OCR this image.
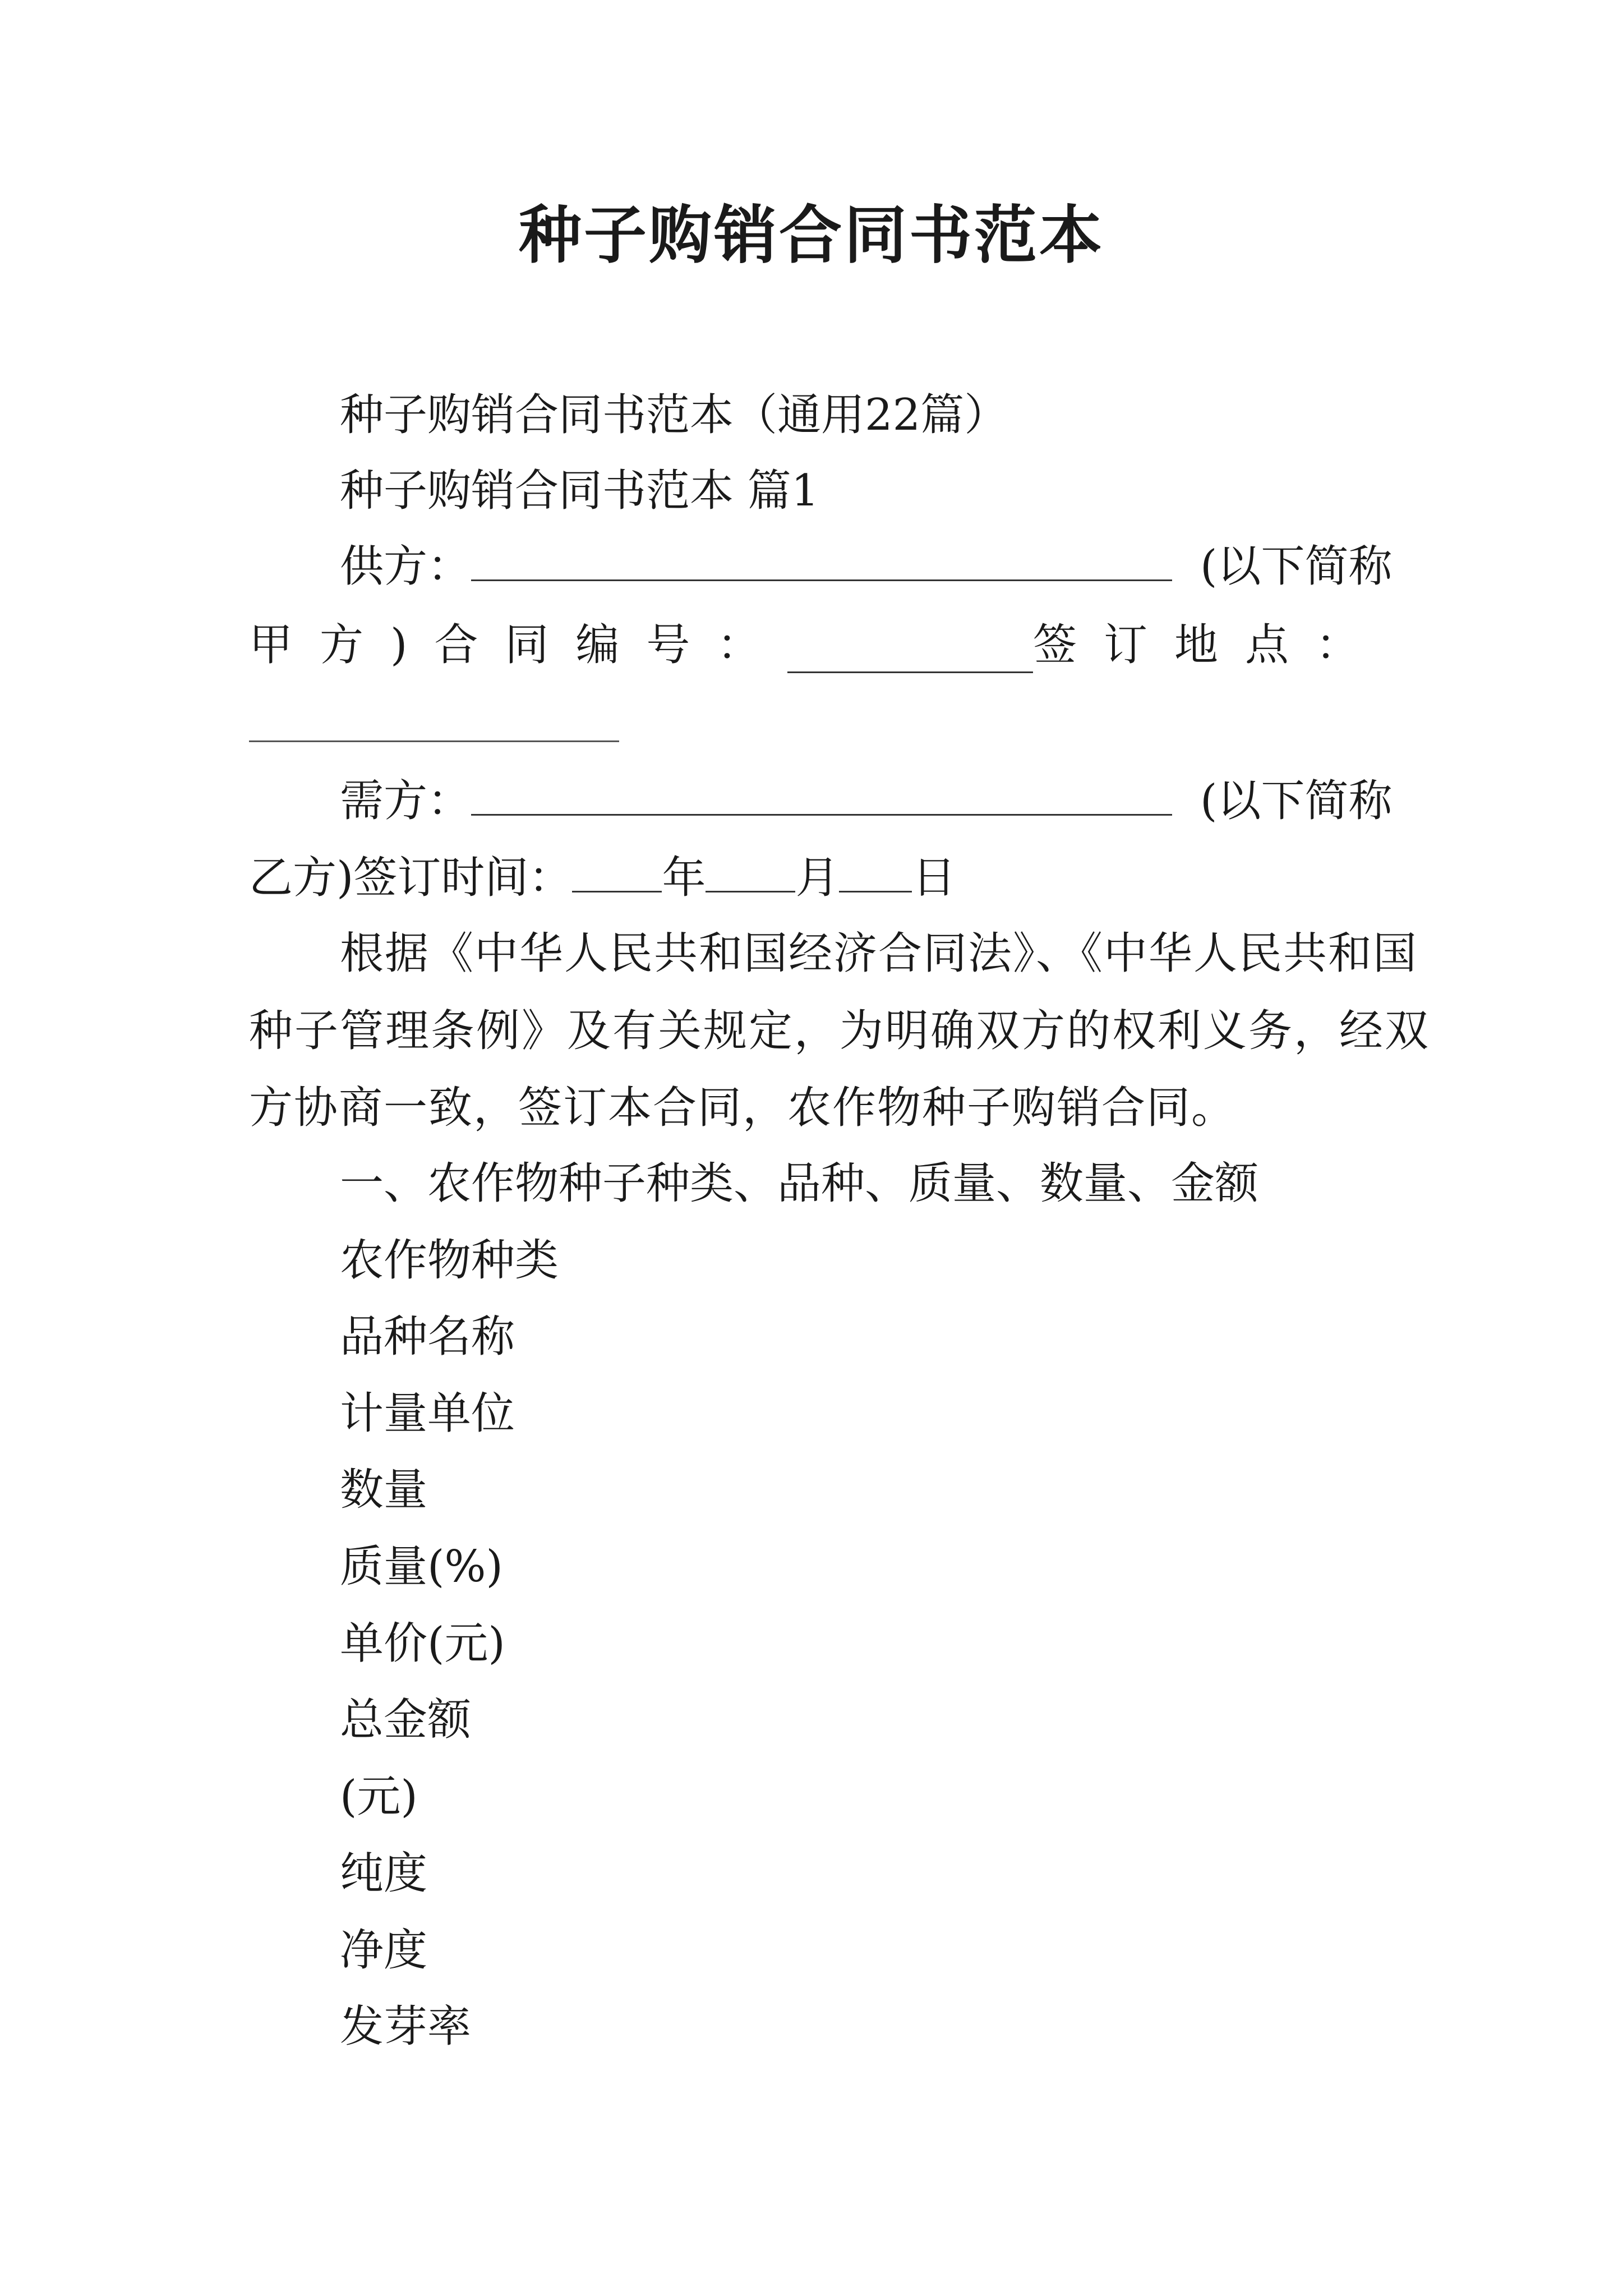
种子购销合同书范本
种子购销合同书范本（通用22篇）
种子购销合同书范本 篇1
供方：	(以下简称
甲方)合同编号：	签订地点：
需方：	(以下简称
乙方)签订时间： 年 月 日
根据《中华人民共和国经济合同法》、《中华人民共和国
种子管理条例》及有关规定，为明确双方的权利义务，经双
方协商一致，签订本合同，农作物种子购销合同。
一、农作物种子种类、品种、质量、数量、金额
农作物种类
品种名称
计量单位
数量
质量(%)
单价(元)
总金额
(元)
纯度
净度
发芽率
